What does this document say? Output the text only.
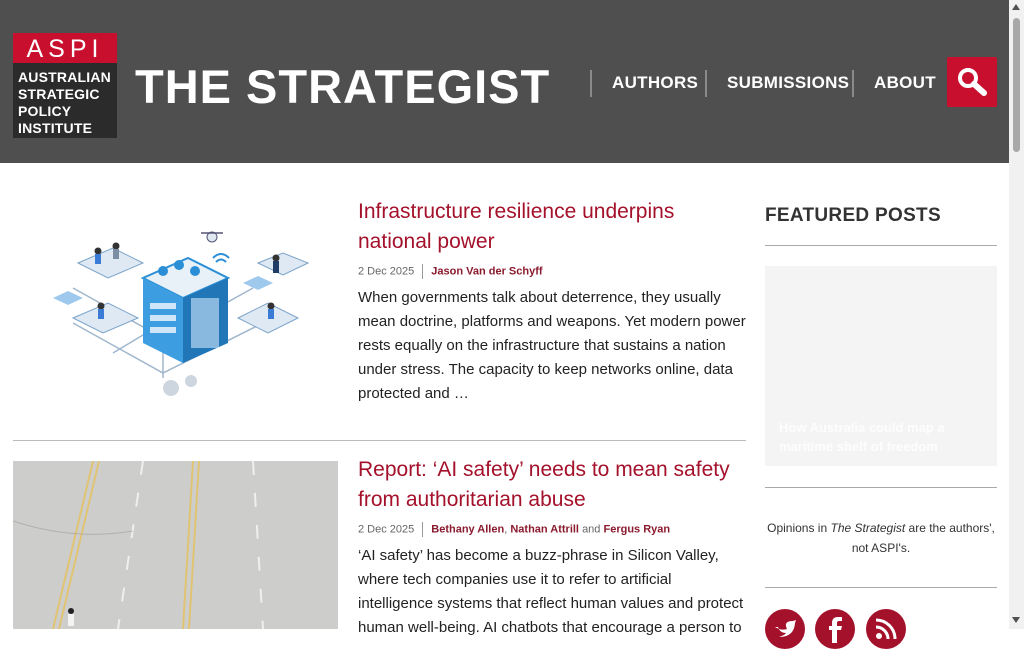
ASPI
AUSTRALIAN
STRATEGIC
POLICY
INSTITUTE
THE STRATEGIST	AUTHORS SUBMISSIONS ABOUT
Infrastructure resilience underpins national power
2 Dec 2025 Jason Van der Schyff
When governments talk about deterrence, they usually mean doctrine, platforms and weapons. Yet modern power rests equally on the infrastructure that sustains a nation under stress. The capacity to keep networks online, data protected and …
Report: ‘AI safety’ needs to mean safety from authoritarian abuse
2 Dec 2025 Bethany Allen, Nathan Attrill and Fergus Ryan
‘AI safety’ has become a buzz-phrase in Silicon Valley, where tech companies use it to refer to artificial intelligence systems that reflect human values and protect human well-being. AI chatbots that encourage a person to
FEATURED POSTS
How Australia could map a maritime shelf of freedom
Opinions in The Strategist are the authors', not ASPI's.
